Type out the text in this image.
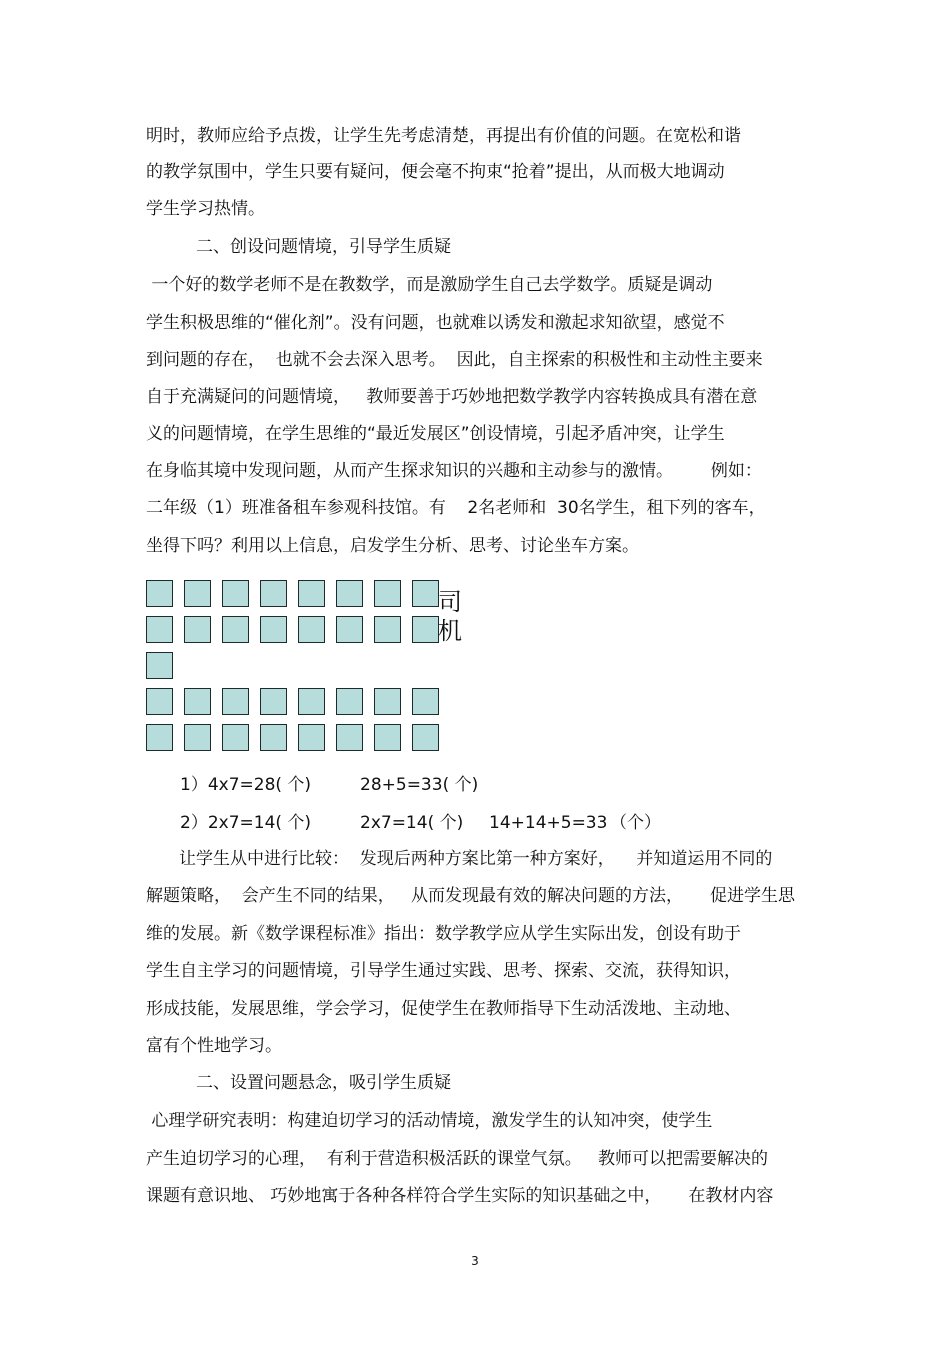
明时，教师应给予点拨，让学生先考虑清楚，再提出有价值的问题。在宽松和谐
的教学氛围中，学生只要有疑问，便会毫不拘束“抢着”提出，从而极大地调动
学生学习热情。
二、创设问题情境，引导学生质疑
一个好的数学老师不是在教数学，而是激励学生自己去学数学。质疑是调动
学生积极思维的“催化剂”。没有问题，也就难以诱发和激起求知欲望，感觉不
到问题的存在，  也就不会去深入思考。  因此，自主探索的积极性和主动性主要来
自于充满疑问的问题情境，   教师要善于巧妙地把数学教学内容转换成具有潜在意
义的问题情境，在学生思维的“最近发展区”创设情境，引起矛盾冲突，让学生
在身临其境中发现问题，从而产生探求知识的兴趣和主动参与的激情。       例如：
二年级（1）班准备租车参观科技馆。有    2名老师和  30名学生，租下列的客车，
坐得下吗？利用以上信息，启发学生分析、思考、讨论坐车方案。
司
机
1）4x7=28( 个)	28+5=33( 个)
2）2x7=14( 个)	2x7=14( 个) 14+14+5=33 （个）
让学生从中进行比较：  发现后两种方案比第一种方案好，    并知道运用不同的
解题策略，  会产生不同的结果，   从而发现最有效的解决问题的方法，     促进学生思
维的发展。新《数学课程标准》指出：数学教学应从学生实际出发，创设有助于
学生自主学习的问题情境，引导学生通过实践、思考、探索、交流，获得知识，
形成技能，发展思维，学会学习，促使学生在教师指导下生动活泼地、主动地、
富有个性地学习。
二、设置问题悬念，吸引学生质疑
心理学研究表明：构建迫切学习的活动情境，激发学生的认知冲突，使学生
产生迫切学习的心理，  有利于营造积极活跃的课堂气氛。   教师可以把需要解决的
课题有意识地、 巧妙地寓于各种各样符合学生实际的知识基础之中，     在教材内容
3
